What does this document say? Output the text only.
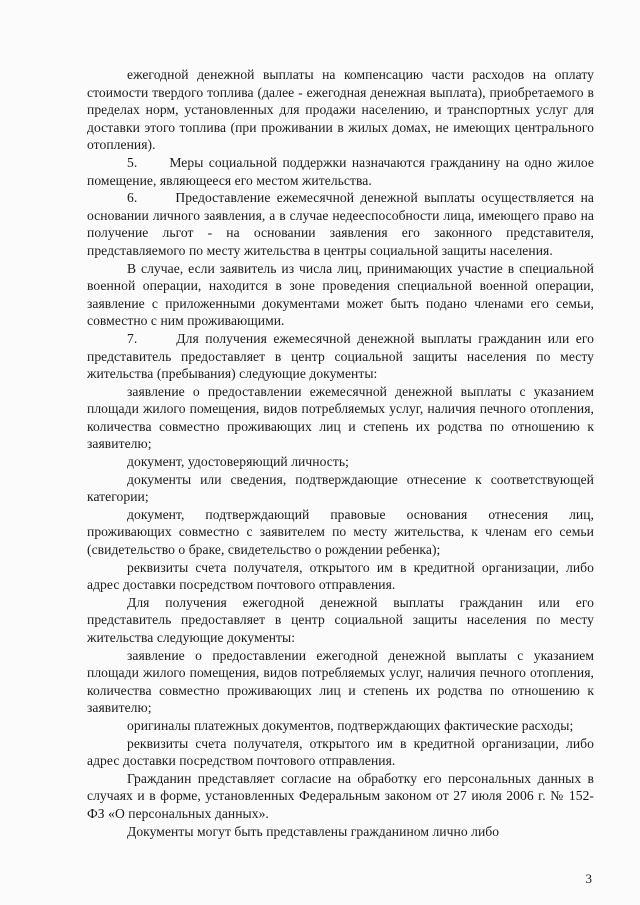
ежегодной денежной выплаты на компенсацию части расходов на оплату стоимости твердого топлива (далее - ежегодная денежная выплата), приобретаемого в пределах норм, установленных для продажи населению, и транспортных услуг для доставки этого топлива (при проживании в жилых домах, не имеющих центрального отопления).

5.      Меры социальной поддержки назначаются гражданину на одно жилое помещение, являющееся его местом жительства.

6.      Предоставление ежемесячной денежной выплаты осуществляется на основании личного заявления, а в случае недееспособности лица, имеющего право на получение льгот - на основании заявления его законного представителя, представляемого по месту жительства в центры социальной защиты населения.

В случае, если заявитель из числа лиц, принимающих участие в специальной военной операции, находится в зоне проведения специальной военной операции, заявление с приложенными документами может быть подано членами его семьи, совместно с ним проживающими.

7.      Для получения ежемесячной денежной выплаты гражданин или его представитель предоставляет в центр социальной защиты населения по месту жительства (пребывания) следующие документы:

заявление о предоставлении ежемесячной денежной выплаты с указанием площади жилого помещения, видов потребляемых услуг, наличия печного отопления, количества совместно проживающих лиц и степень их родства по отношению к заявителю;

документ, удостоверяющий личность;

документы или сведения, подтверждающие отнесение к соответствующей категории;

документ, подтверждающий правовые основания отнесения лиц, проживающих совместно с заявителем по месту жительства, к членам его семьи (свидетельство о браке, свидетельство о рождении ребенка);

реквизиты счета получателя, открытого им в кредитной организации, либо адрес доставки посредством почтового отправления.

Для получения ежегодной денежной выплаты гражданин или его представитель предоставляет в центр социальной защиты населения по месту жительства следующие документы:

заявление о предоставлении ежегодной денежной выплаты с указанием площади жилого помещения, видов потребляемых услуг, наличия печного отопления, количества совместно проживающих лиц и степень их родства по отношению к заявителю;

оригиналы платежных документов, подтверждающих фактические расходы;

реквизиты счета получателя, открытого им в кредитной организации, либо адрес доставки посредством почтового отправления.

Гражданин представляет согласие на обработку его персональных данных в случаях и в форме, установленных Федеральным законом от 27 июля 2006 г. № 152-ФЗ «О персональных данных».

Документы могут быть представлены гражданином лично либо

3
